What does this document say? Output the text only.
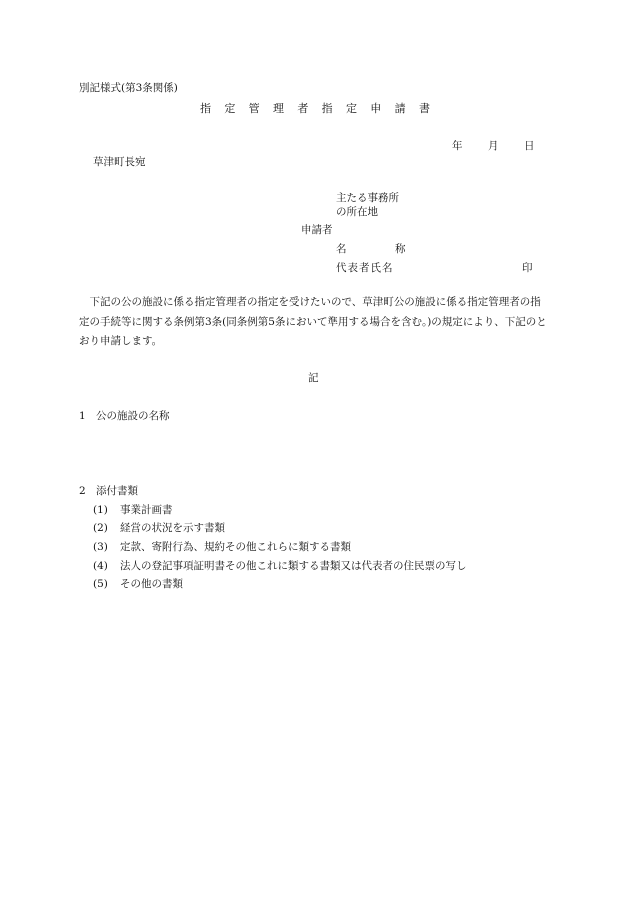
別記様式(第3条関係)
指 定 管 理 者 指 定 申 請 書
年 月 日
草津町長宛
主たる事務所
の所在地
申請者
名	称
代表者氏名	印
下記の公の施設に係る指定管理者の指定を受けたいので、草津町公の施設に係る指定管理者の指定の手続等に関する条例第3条(同条例第5条において準用する場合を含む。)の規定により、下記のとおり申請します。
記
1 公の施設の名称
2 添付書類
(1) 事業計画書
(2) 経営の状況を示す書類
(3) 定款、寄附行為、規約その他これらに類する書類
(4) 法人の登記事項証明書その他これに類する書類又は代表者の住民票の写し
(5) その他の書類
